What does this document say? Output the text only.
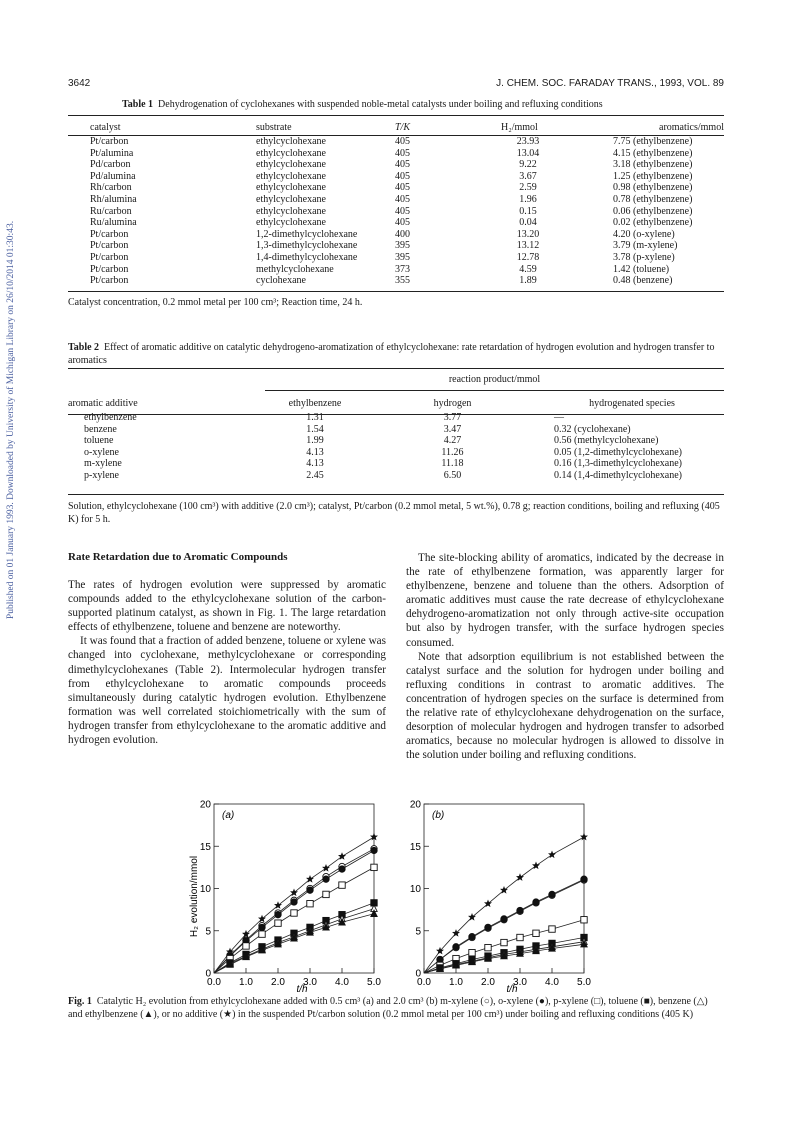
Published on 01 January 1993. Downloaded by University of Michigan Library on 26/10/2014 01:30:43.
3642	J. CHEM. SOC. FARADAY TRANS., 1993, VOL. 89
Table 1 Dehydrogenation of cyclohexanes with suspended noble-metal catalysts under boiling and refluxing conditions
catalyst	substrate	T/K	H₂/mmol	aromatics/mmol
Pt/carbon	ethylcyclohexane	405	23.93	7.75 (ethylbenzene)
Pt/alumina	ethylcyclohexane	405	13.04	4.15 (ethylbenzene)
Pd/carbon	ethylcyclohexane	405	9.22	3.18 (ethylbenzene)
Pd/alumina	ethylcyclohexane	405	3.67	1.25 (ethylbenzene)
Rh/carbon	ethylcyclohexane	405	2.59	0.98 (ethylbenzene)
Rh/alumina	ethylcyclohexane	405	1.96	0.78 (ethylbenzene)
Ru/carbon	ethylcyclohexane	405	0.15	0.06 (ethylbenzene)
Ru/alumina	ethylcyclohexane	405	0.04	0.02 (ethylbenzene)
Pt/carbon	1,2-dimethylcyclohexane	400	13.20	4.20 (o-xylene)
Pt/carbon	1,3-dimethylcyclohexane	395	13.12	3.79 (m-xylene)
Pt/carbon	1,4-dimethylcyclohexane	395	12.78	3.78 (p-xylene)
Pt/carbon	methylcyclohexane	373	4.59	1.42 (toluene)
Pt/carbon	cyclohexane	355	1.89	0.48 (benzene)
Catalyst concentration, 0.2 mmol metal per 100 cm³; Reaction time, 24 h.
Table 2 Effect of aromatic additive on catalytic dehydrogeno-aromatization of ethylcyclohexane: rate retardation of hydrogen evolution and hydrogen transfer to aromatics
reaction product/mmol
aromatic additive	ethylbenzene	hydrogen	hydrogenated species
ethylbenzene	1.31	3.77	—
benzene	1.54	3.47	0.32 (cyclohexane)
toluene	1.99	4.27	0.56 (methylcyclohexane)
o-xylene	4.13	11.26	0.05 (1,2-dimethylcyclohexane)
m-xylene	4.13	11.18	0.16 (1,3-dimethylcyclohexane)
p-xylene	2.45	6.50	0.14 (1,4-dimethylcyclohexane)
Solution, ethylcyclohexane (100 cm³) with additive (2.0 cm³); catalyst, Pt/carbon (0.2 mmol metal, 5 wt.%), 0.78 g; reaction conditions, boiling and refluxing (405 K) for 5 h.
Rate Retardation due to Aromatic Compounds

The rates of hydrogen evolution were suppressed by aromatic compounds added to the ethylcyclohexane solution of the carbon-supported platinum catalyst, as shown in Fig. 1. The large retardation effects of ethylbenzene, toluene and benzene are noteworthy.

It was found that a fraction of added benzene, toluene or xylene was changed into cyclohexane, methylcyclohexane or corresponding dimethylcyclohexanes (Table 2). Intermolecular hydrogen transfer from ethylcyclohexane to aromatic compounds proceeds simultaneously during catalytic hydrogen evolution. Ethylbenzene formation was well correlated stoichiometrically with the sum of hydrogen transfer from ethylcyclohexane to the aromatic additive and hydrogen evolution.

The site-blocking ability of aromatics, indicated by the decrease in the rate of ethylbenzene formation, was apparently larger for ethylbenzene, benzene and toluene than the others. Adsorption of aromatic additives must cause the rate decrease of ethylcyclohexane dehydrogeno-aromatization not only through active-site occupation but also by hydrogen transfer, with the surface hydrogen species consumed.

Note that adsorption equilibrium is not established between the catalyst surface and the solution for hydrogen under boiling and refluxing conditions in contrast to aromatic additives. The concentration of hydrogen species on the surface is determined from the relative rate of ethylcyclohexane dehydrogenation on the surface, desorption of molecular hydrogen and hydrogen transfer to adsorbed aromatics, because no molecular hydrogen is allowed to dissolve in the solution under boiling and refluxing conditions.

0
5
10
15
20
0.0 1.0 2.0 3.0 4.0 5.0
t/h
(a)
H₂ evolution/mmol
0
5
10
15
20
0.0 1.0 2.0 3.0 4.0 5.0
t/h
(b)
Fig. 1 Catalytic H₂ evolution from ethylcyclohexane added with 0.5 cm³ (a) and 2.0 cm³ (b) m-xylene (○), o-xylene (●), p-xylene (□), toluene (■), benzene (△) and ethylbenzene (▲), or no additive (★) in the suspended Pt/carbon solution (0.2 mmol metal per 100 cm³) under boiling and refluxing conditions (405 K)
